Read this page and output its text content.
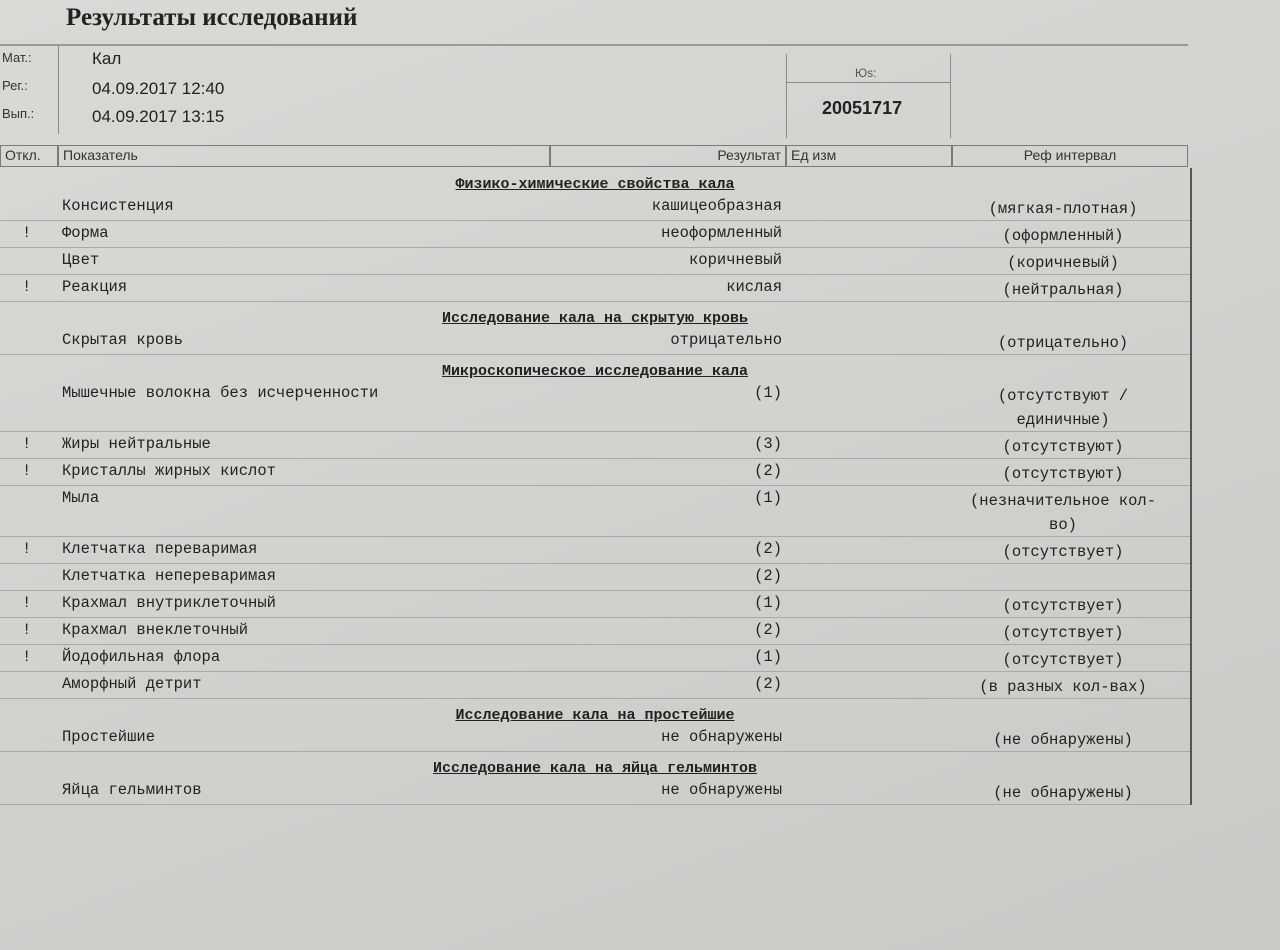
Результаты исследований
Мат.:	Кал
Рег.:	04.09.2017 12:40
Вып.:	04.09.2017 13:15
Юs:
20051717
Откл.	Показатель	Результат Ед изм	Реф интервал
Физико-химические свойства кала
Консистенция	кашицеобразная	(мягкая-плотная)
! Форма	неоформленный	(оформленный)
Цвет	коричневый	(коричневый)
! Реакция	кислая	(нейтральная)
Исследование кала на скрытую кровь
Скрытая кровь	отрицательно	(отрицательно)
Микроскопическое исследование кала
Мышечные волокна без исчерченности	(1)	(отсутствуют / единичные)
! Жиры нейтральные	(3)	(отсутствуют)
! Кристаллы жирных кислот	(2)	(отсутствуют)
Мыла	(1)	(незначительное кол-во)
! Клетчатка переваримая	(2)	(отсутствует)
Клетчатка непереваримая	(2)
! Крахмал внутриклеточный	(1)	(отсутствует)
! Крахмал внеклеточный	(2)	(отсутствует)
! Йодофильная флора	(1)	(отсутствует)
Аморфный детрит	(2)	(в разных кол-вах)
Исследование кала на простейшие
Простейшие	не обнаружены	(не обнаружены)
Исследование кала на яйца гельминтов
Яйца гельминтов	не обнаружены	(не обнаружены)
